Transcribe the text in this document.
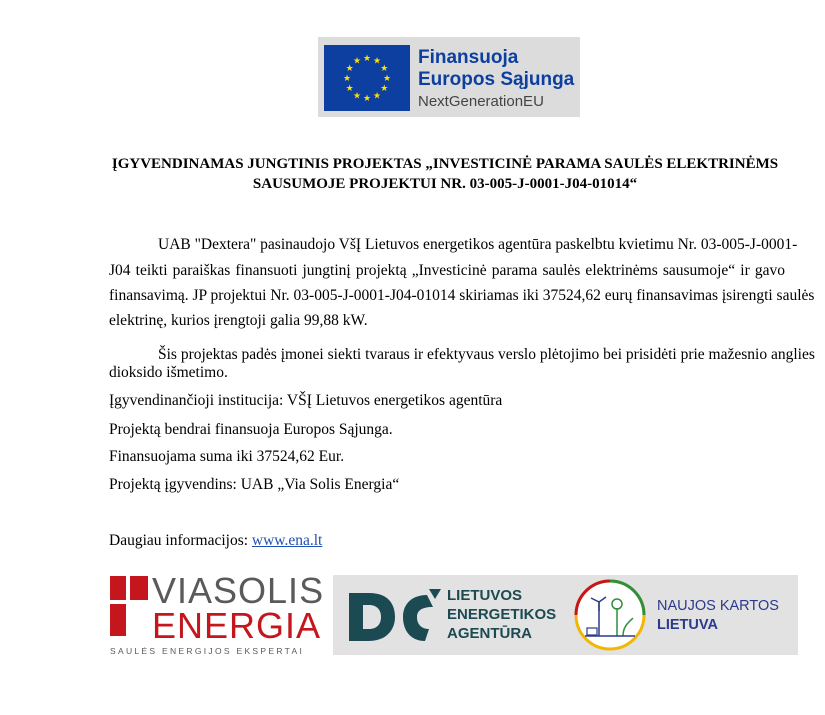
★ ★
★
★
★
★
★
★
★
★
★
★	Finansuoja
Europos Sąjunga
NextGenerationEU
ĮGYVENDINAMAS JUNGTINIS PROJEKTAS „INVESTICINĖ PARAMA SAULĖS ELEKTRINĖMS
SAUSUMOJE PROJEKTUI NR. 03-005-J-0001-J04-01014“
UAB "Dextera" pasinaudojo VšĮ Lietuvos energetikos agentūra paskelbtu kvietimu Nr. 03-005-J-0001-
J04 teikti paraiškas finansuoti jungtinį projektą „Investicinė parama saulės elektrinėms sausumoje“ ir gavo
finansavimą. JP projektui Nr. 03-005-J-0001-J04-01014 skiriamas iki 37524,62 eurų finansavimas įsirengti saulės
elektrinę, kurios įrengtoji galia 99,88 kW.
Šis projektas padės įmonei siekti tvaraus ir efektyvaus verslo plėtojimo bei prisidėti prie mažesnio anglies
dioksido išmetimo.
Įgyvendinančioji institucija: VŠĮ Lietuvos energetikos agentūra
Projektą bendrai finansuoja Europos Sąjunga.
Finansuojama suma iki 37524,62 Eur.
Projektą įgyvendins: UAB „Via Solis Energia“
Daugiau informacijos: www.ena.lt
VIASOLIS
ENERGIA
SAULĖS ENERGIJOS EKSPERTAI
LIETUVOS
ENERGETIKOS
AGENTŪRA
NAUJOS KARTOS
LIETUVA
